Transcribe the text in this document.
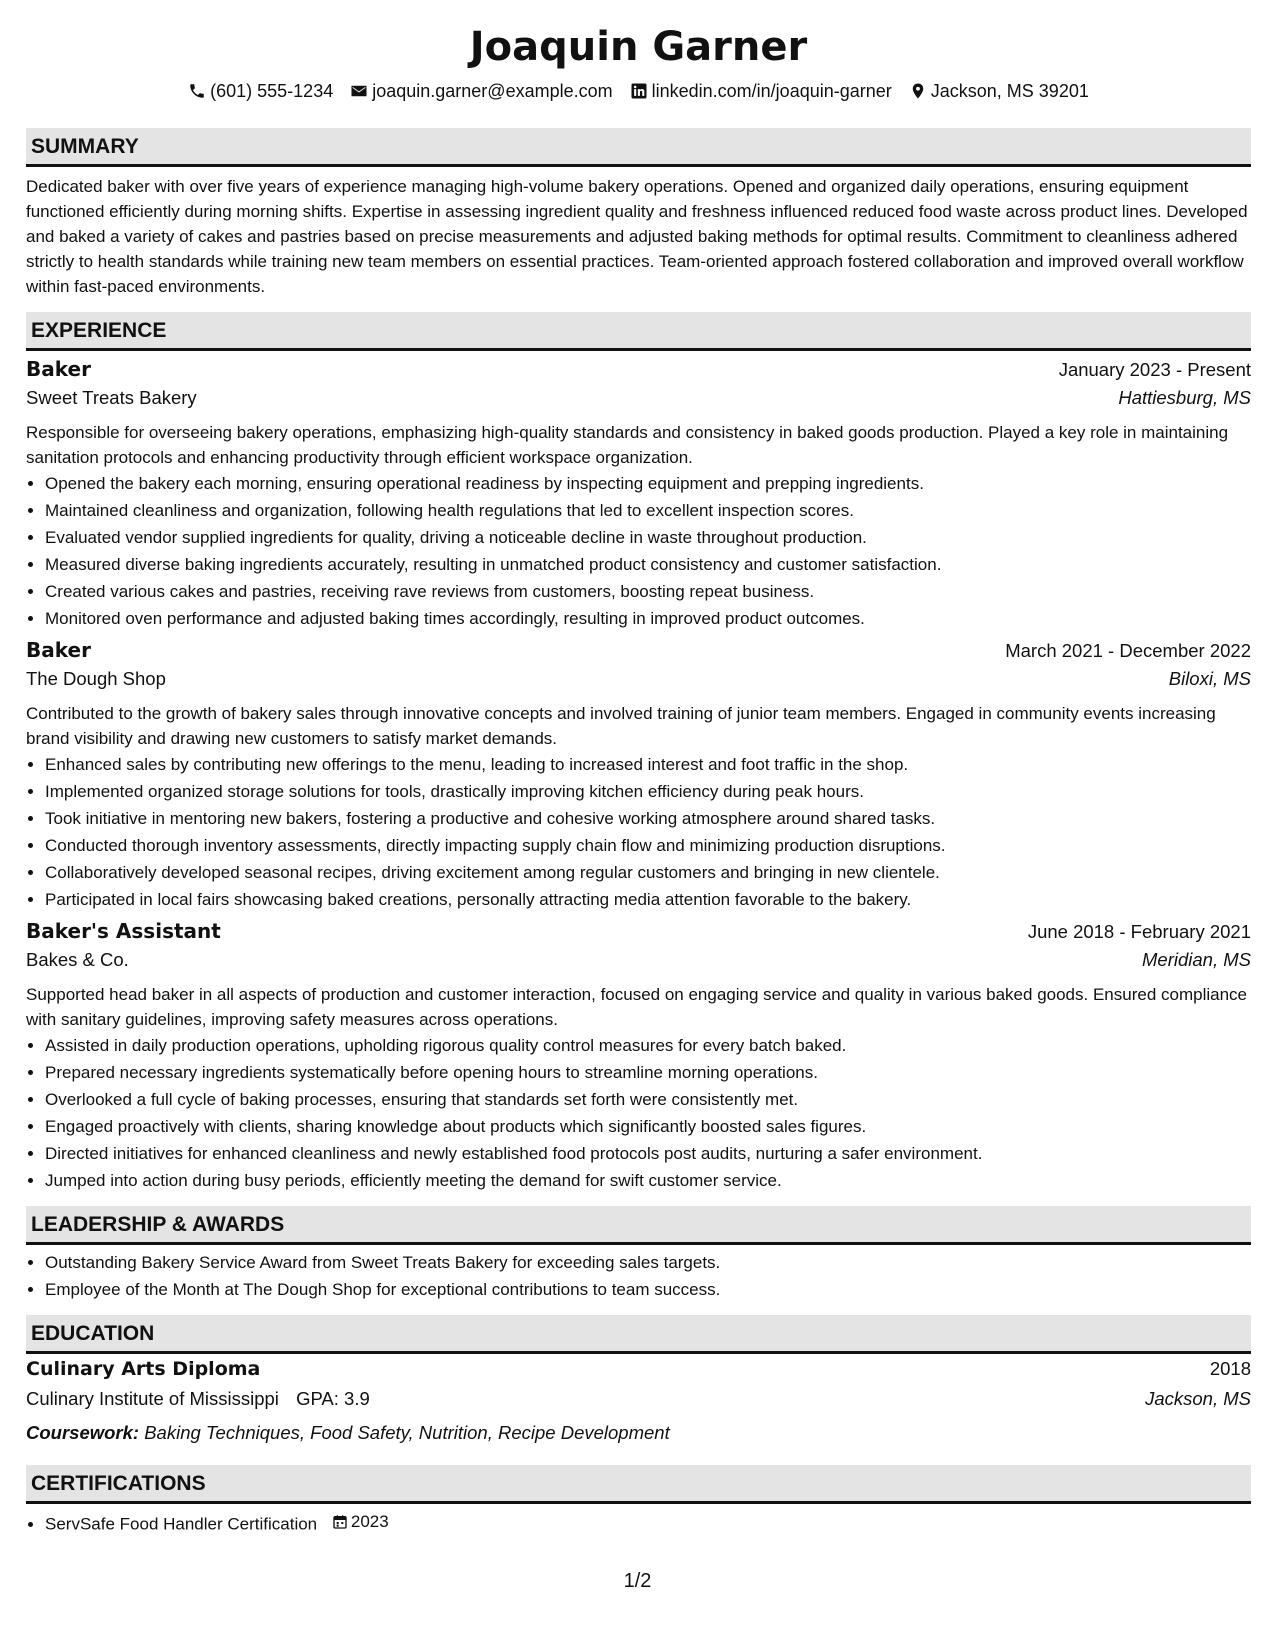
Joaquin Garner
(601) 555-1234 joaquin.garner@example.com linkedin.com/in/joaquin-garner Jackson, MS 39201
SUMMARY

Dedicated baker with over five years of experience managing high-volume bakery operations. Opened and organized daily operations, ensuring equipment functioned efficiently during morning shifts. Expertise in assessing ingredient quality and freshness influenced reduced food waste across product lines. Developed and baked a variety of cakes and pastries based on precise measurements and adjusted baking methods for optimal results. Commitment to cleanliness adhered strictly to health standards while training new team members on essential practices. Team-oriented approach fostered collaboration and improved overall workflow within fast-paced environments.

EXPERIENCE
Baker	January 2023 - Present
Sweet Treats Bakery	Hattiesburg, MS

Responsible for overseeing bakery operations, emphasizing high-quality standards and consistency in baked goods production. Played a key role in maintaining sanitation protocols and enhancing productivity through efficient workspace organization.

• Opened the bakery each morning, ensuring operational readiness by inspecting equipment and prepping ingredients.
• Maintained cleanliness and organization, following health regulations that led to excellent inspection scores.
• Evaluated vendor supplied ingredients for quality, driving a noticeable decline in waste throughout production.
• Measured diverse baking ingredients accurately, resulting in unmatched product consistency and customer satisfaction.
• Created various cakes and pastries, receiving rave reviews from customers, boosting repeat business.
• Monitored oven performance and adjusted baking times accordingly, resulting in improved product outcomes.
Baker	March 2021 - December 2022
The Dough Shop	Biloxi, MS

Contributed to the growth of bakery sales through innovative concepts and involved training of junior team members. Engaged in community events increasing brand visibility and drawing new customers to satisfy market demands.

• Enhanced sales by contributing new offerings to the menu, leading to increased interest and foot traffic in the shop.
• Implemented organized storage solutions for tools, drastically improving kitchen efficiency during peak hours.
• Took initiative in mentoring new bakers, fostering a productive and cohesive working atmosphere around shared tasks.
• Conducted thorough inventory assessments, directly impacting supply chain flow and minimizing production disruptions.
• Collaboratively developed seasonal recipes, driving excitement among regular customers and bringing in new clientele.
• Participated in local fairs showcasing baked creations, personally attracting media attention favorable to the bakery.
Baker's Assistant	June 2018 - February 2021
Bakes & Co.	Meridian, MS

Supported head baker in all aspects of production and customer interaction, focused on engaging service and quality in various baked goods. Ensured compliance with sanitary guidelines, improving safety measures across operations.

• Assisted in daily production operations, upholding rigorous quality control measures for every batch baked.
• Prepared necessary ingredients systematically before opening hours to streamline morning operations.
• Overlooked a full cycle of baking processes, ensuring that standards set forth were consistently met.
• Engaged proactively with clients, sharing knowledge about products which significantly boosted sales figures.
• Directed initiatives for enhanced cleanliness and newly established food protocols post audits, nurturing a safer environment.
• Jumped into action during busy periods, efficiently meeting the demand for swift customer service.
LEADERSHIP & AWARDS
• Outstanding Bakery Service Award from Sweet Treats Bakery for exceeding sales targets.
• Employee of the Month at The Dough Shop for exceptional contributions to team success.
EDUCATION
Culinary Arts Diploma	2018
Culinary Institute of Mississippi GPA: 3.9	Jackson, MS
Coursework: Baking Techniques, Food Safety, Nutrition, Recipe Development
CERTIFICATIONS
• ServSafe Food Handler Certification 2023
1/2
